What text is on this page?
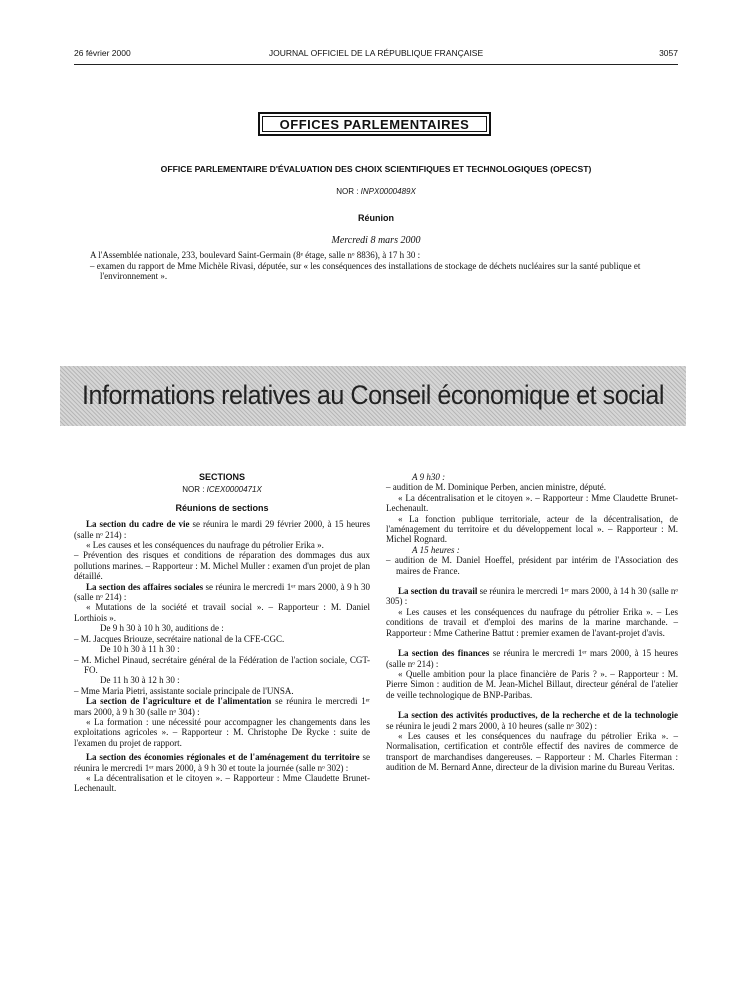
26 février 2000	JOURNAL OFFICIEL DE LA RÉPUBLIQUE FRANÇAISE	3057
OFFICES PARLEMENTAIRES
OFFICE PARLEMENTAIRE D'ÉVALUATION DES CHOIX SCIENTIFIQUES ET TECHNOLOGIQUES (OPECST)
NOR : INPX0000489X
Réunion
Mercredi 8 mars 2000

A l'Assemblée nationale, 233, boulevard Saint-Germain (8ᵉ étage, salle nᵒ 8836), à 17 h 30 :

– examen du rapport de Mme Michèle Rivasi, députée, sur « les conséquences des installations de stockage de déchets nucléaires sur la santé publique et l'environnement ».

Informations relatives au Conseil économique et social

SECTIONS

NOR : ICEX0000471X

Réunions de sections

La section du cadre de vie se réunira le mardi 29 février 2000, à 15 heures (salle nᵒ 214) :

« Les causes et les conséquences du naufrage du pétrolier Erika ».

– Prévention des risques et conditions de réparation des dommages dus aux pollutions marines. – Rapporteur : M. Michel Muller : examen d'un projet de plan détaillé.

La section des affaires sociales se réunira le mercredi 1ᵉʳ mars 2000, à 9 h 30 (salle nᵒ 214) :

« Mutations de la société et travail social ». – Rapporteur : M. Daniel Lorthiois ».

De 9 h 30 à 10 h 30, auditions de :

– M. Jacques Briouze, secrétaire national de la CFE-CGC.

De 10 h 30 à 11 h 30 :

– M. Michel Pinaud, secrétaire général de la Fédération de l'action sociale, CGT-FO.

De 11 h 30 à 12 h 30 :

– Mme Maria Pietri, assistante sociale principale de l'UNSA.

La section de l'agriculture et de l'alimentation se réunira le mercredi 1ᵉʳ mars 2000, à 9 h 30 (salle nᵒ 304) :

« La formation : une nécessité pour accompagner les changements dans les exploitations agricoles ». – Rapporteur : M. Christophe De Rycke : suite de l'examen du projet de rapport.

La section des économies régionales et de l'aménagement du territoire se réunira le mercredi 1ᵉʳ mars 2000, à 9 h 30 et toute la journée (salle nᵒ 302) :

« La décentralisation et le citoyen ». – Rapporteur : Mme Claudette Brunet-Lechenault.

A 9 h30 :

– audition de M. Dominique Perben, ancien ministre, député.

« La décentralisation et le citoyen ». – Rapporteur : Mme Claudette Brunet-Lechenault.

« La fonction publique territoriale, acteur de la décentralisation, de l'aménagement du territoire et du développement local ». – Rapporteur : M. Michel Rognard.

A 15 heures :

– audition de M. Daniel Hoeffel, président par intérim de l'Association des maires de France.

La section du travail se réunira le mercredi 1ᵉʳ mars 2000, à 14 h 30 (salle nᵒ 305) :

« Les causes et les conséquences du naufrage du pétrolier Erika ». – Les conditions de travail et d'emploi des marins de la marine marchande. – Rapporteur : Mme Catherine Battut : premier examen de l'avant-projet d'avis.

La section des finances se réunira le mercredi 1ᵉʳ mars 2000, à 15 heures (salle nᵒ 214) :

« Quelle ambition pour la place financière de Paris ? ». – Rapporteur : M. Pierre Simon : audition de M. Jean-Michel Billaut, directeur général de l'atelier de veille technologique de BNP-Paribas.

La section des activités productives, de la recherche et de la technologie se réunira le jeudi 2 mars 2000, à 10 heures (salle nᵒ 302) :

« Les causes et les conséquences du naufrage du pétrolier Erika ». – Normalisation, certification et contrôle effectif des navires de commerce de transport de marchandises dangereuses. – Rapporteur : M. Charles Fiterman : audition de M. Bernard Anne, directeur de la division marine du Bureau Veritas.
